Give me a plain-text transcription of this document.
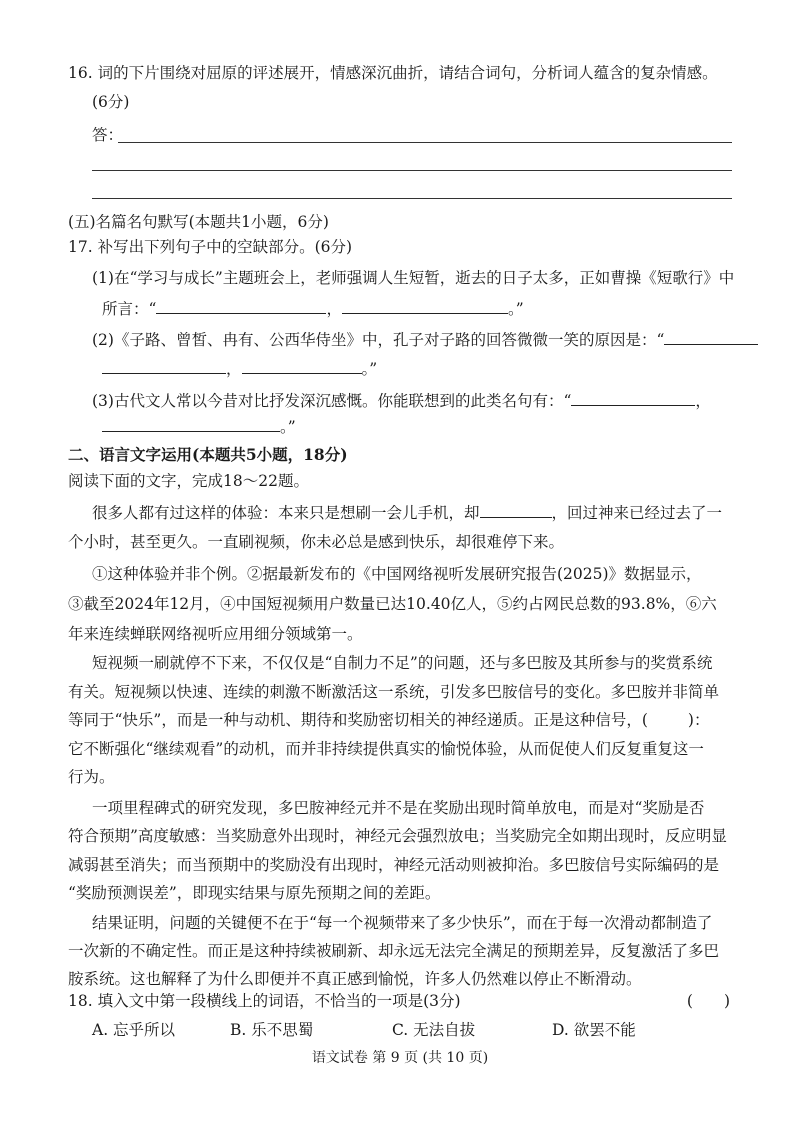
16. 词的下片围绕对屈原的评述展开，情感深沉曲折，请结合词句，分析词人蕴含的复杂情感。
(6分)
答：
(五)名篇名句默写(本题共1小题，6分)
17. 补写出下列句子中的空缺部分。(6分)
(1)在“学习与成长”主题班会上，老师强调人生短暂，逝去的日子太多，正如曹操《短歌行》中
所言：“	，	。”
(2)《子路、曾皙、冉有、公西华侍坐》中，孔子对子路的回答微微一笑的原因是：“
，	。”
(3)古代文人常以今昔对比抒发深沉感慨。你能联想到的此类名句有：“	，
。”
二、语言文字运用(本题共5小题，18分)
阅读下面的文字，完成18～22题。
很多人都有过这样的体验：本来只是想刷一会儿手机，却	，回过神来已经过去了一
个小时，甚至更久。一直刷视频，你未必总是感到快乐，却很难停下来。
①这种体验并非个例。②据最新发布的《中国网络视听发展研究报告(2025)》数据显示，
③截至2024年12月，④中国短视频用户数量已达10.40亿人，⑤约占网民总数的93.8%，⑥六
年来连续蝉联网络视听应用细分领域第一。
短视频一刷就停不下来，不仅仅是“自制力不足”的问题，还与多巴胺及其所参与的奖赏系统
有关。短视频以快速、连续的刺激不断激活这一系统，引发多巴胺信号的变化。多巴胺并非简单
等同于“快乐”，而是一种与动机、期待和奖励密切相关的神经递质。正是这种信号，(	)：
它不断强化“继续观看”的动机，而并非持续提供真实的愉悦体验，从而促使人们反复重复这一
行为。
一项里程碑式的研究发现，多巴胺神经元并不是在奖励出现时简单放电，而是对“奖励是否
符合预期”高度敏感：当奖励意外出现时，神经元会强烈放电；当奖励完全如期出现时，反应明显
减弱甚至消失；而当预期中的奖励没有出现时，神经元活动则被抑治。多巴胺信号实际编码的是
“奖励预测误差”，即现实结果与原先预期之间的差距。
结果证明，问题的关键便不在于“每一个视频带来了多少快乐”，而在于每一次滑动都制造了
一次新的不确定性。而正是这种持续被刷新、却永远无法完全满足的预期差异，反复激活了多巴
胺系统。这也解释了为什么即便并不真正感到愉悦，许多人仍然难以停止不断滑动。
18. 填入文中第一段横线上的词语，不恰当的一项是(3分)	(　　)
A. 忘乎所以	B. 乐不思蜀	C. 无法自拔	D. 欲罢不能
语文试卷 第 9 页 (共 10 页)
